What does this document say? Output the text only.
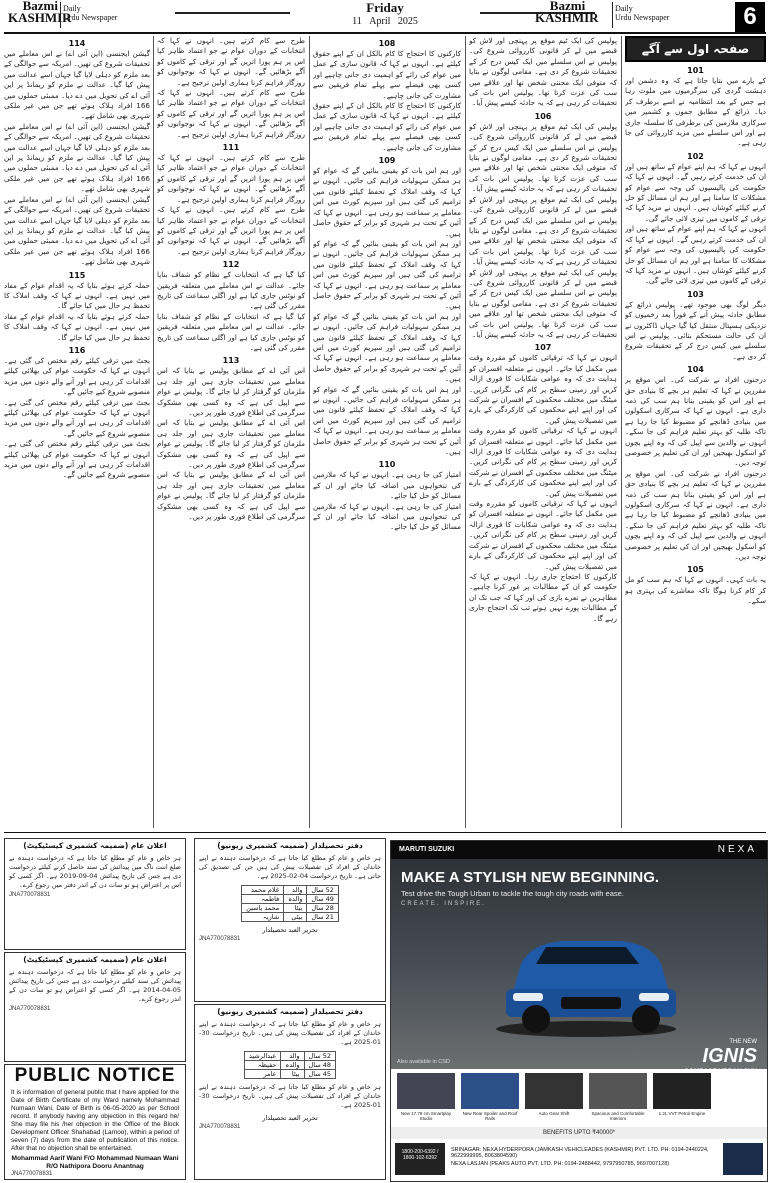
Bazmi
KASHMIR
Daily
Urdu Newspaper
Friday
11 April 2025
Bazmi
KASHMIR
Daily
Urdu Newspaper	6
114
گیشن ایجنسی (این آئی اے) نے اس معاملے میں تحقیقات شروع کی تھیں۔ امریکہ سے حوالگی کے بعد ملزم کو دہلی لایا گیا جہاں اسے عدالت میں پیش کیا گیا۔ عدالت نے ملزم کو ریمانڈ پر این آئی اے کی تحویل میں دے دیا۔ ممبئی حملوں میں 166 افراد ہلاک ہوئے تھے جن میں غیر ملکی شہری بھی شامل تھے۔
گیشن ایجنسی (این آئی اے) نے اس معاملے میں تحقیقات شروع کی تھیں۔ امریکہ سے حوالگی کے بعد ملزم کو دہلی لایا گیا جہاں اسے عدالت میں پیش کیا گیا۔ عدالت نے ملزم کو ریمانڈ پر این آئی اے کی تحویل میں دے دیا۔ ممبئی حملوں میں 166 افراد ہلاک ہوئے تھے جن میں غیر ملکی شہری بھی شامل تھے۔
گیشن ایجنسی (این آئی اے) نے اس معاملے میں تحقیقات شروع کی تھیں۔ امریکہ سے حوالگی کے بعد ملزم کو دہلی لایا گیا جہاں اسے عدالت میں پیش کیا گیا۔ عدالت نے ملزم کو ریمانڈ پر این آئی اے کی تحویل میں دے دیا۔ ممبئی حملوں میں 166 افراد ہلاک ہوئے تھے جن میں غیر ملکی شہری بھی شامل تھے۔
115
حملہ کرتے ہوئے بتایا کہ یہ اقدام عوام کے مفاد میں نہیں ہے۔ انہوں نے کہا کہ وقف املاک کا تحفظ ہر حال میں کیا جائے گا۔
حملہ کرتے ہوئے بتایا کہ یہ اقدام عوام کے مفاد میں نہیں ہے۔ انہوں نے کہا کہ وقف املاک کا تحفظ ہر حال میں کیا جائے گا۔
116
بجٹ میں ترقی کیلئے رقم مختص کی گئی ہے۔ انہوں نے کہا کہ حکومت عوام کی بھلائی کیلئے اقدامات کر رہی ہے اور آنے والے دنوں میں مزید منصوبے شروع کیے جائیں گے۔
بجٹ میں ترقی کیلئے رقم مختص کی گئی ہے۔ انہوں نے کہا کہ حکومت عوام کی بھلائی کیلئے اقدامات کر رہی ہے اور آنے والے دنوں میں مزید منصوبے شروع کیے جائیں گے۔
بجٹ میں ترقی کیلئے رقم مختص کی گئی ہے۔ انہوں نے کہا کہ حکومت عوام کی بھلائی کیلئے اقدامات کر رہی ہے اور آنے والے دنوں میں مزید منصوبے شروع کیے جائیں گے۔
طرح سے کام کرتے ہیں۔ انہوں نے کہا کہ انتخابات کے دوران عوام نے جو اعتماد ظاہر کیا اس پر ہم پورا اتریں گے اور ترقی کے کاموں کو آگے بڑھائیں گے۔ انہوں نے کہا کہ نوجوانوں کو روزگار فراہم کرنا ہماری اولین ترجیح ہے۔
طرح سے کام کرتے ہیں۔ انہوں نے کہا کہ انتخابات کے دوران عوام نے جو اعتماد ظاہر کیا اس پر ہم پورا اتریں گے اور ترقی کے کاموں کو آگے بڑھائیں گے۔ انہوں نے کہا کہ نوجوانوں کو روزگار فراہم کرنا ہماری اولین ترجیح ہے۔
111
طرح سے کام کرتے ہیں۔ انہوں نے کہا کہ انتخابات کے دوران عوام نے جو اعتماد ظاہر کیا اس پر ہم پورا اتریں گے اور ترقی کے کاموں کو آگے بڑھائیں گے۔ انہوں نے کہا کہ نوجوانوں کو روزگار فراہم کرنا ہماری اولین ترجیح ہے۔
طرح سے کام کرتے ہیں۔ انہوں نے کہا کہ انتخابات کے دوران عوام نے جو اعتماد ظاہر کیا اس پر ہم پورا اتریں گے اور ترقی کے کاموں کو آگے بڑھائیں گے۔ انہوں نے کہا کہ نوجوانوں کو روزگار فراہم کرنا ہماری اولین ترجیح ہے۔
112
کیا گیا ہے کہ انتخابات کے نظام کو شفاف بنایا جائے۔ عدالت نے اس معاملے میں متعلقہ فریقین کو نوٹس جاری کیا ہے اور اگلی سماعت کی تاریخ مقرر کی گئی ہے۔
کیا گیا ہے کہ انتخابات کے نظام کو شفاف بنایا جائے۔ عدالت نے اس معاملے میں متعلقہ فریقین کو نوٹس جاری کیا ہے اور اگلی سماعت کی تاریخ مقرر کی گئی ہے۔
113
اس آئی اے کے مطابق پولیس نے بتایا کہ اس معاملے میں تحقیقات جاری ہیں اور جلد ہی ملزمان کو گرفتار کر لیا جائے گا۔ پولیس نے عوام سے اپیل کی ہے کہ وہ کسی بھی مشکوک سرگرمی کی اطلاع فوری طور پر دیں۔
اس آئی اے کے مطابق پولیس نے بتایا کہ اس معاملے میں تحقیقات جاری ہیں اور جلد ہی ملزمان کو گرفتار کر لیا جائے گا۔ پولیس نے عوام سے اپیل کی ہے کہ وہ کسی بھی مشکوک سرگرمی کی اطلاع فوری طور پر دیں۔
اس آئی اے کے مطابق پولیس نے بتایا کہ اس معاملے میں تحقیقات جاری ہیں اور جلد ہی ملزمان کو گرفتار کر لیا جائے گا۔ پولیس نے عوام سے اپیل کی ہے کہ وہ کسی بھی مشکوک سرگرمی کی اطلاع فوری طور پر دیں۔
108
کارکنوں کا احتجاج کا کام بالکل ان کے اپنے حقوق کیلئے ہے۔ انہوں نے کہا کہ قانون سازی کے عمل میں عوام کی رائے کو اہمیت دی جانی چاہیے اور کسی بھی فیصلے سے پہلے تمام فریقین سے مشاورت کی جانی چاہیے۔
کارکنوں کا احتجاج کا کام بالکل ان کے اپنے حقوق کیلئے ہے۔ انہوں نے کہا کہ قانون سازی کے عمل میں عوام کی رائے کو اہمیت دی جانی چاہیے اور کسی بھی فیصلے سے پہلے تمام فریقین سے مشاورت کی جانی چاہیے۔
109
اور ہم اس بات کو یقینی بنائیں گے کہ عوام کو ہر ممکن سہولیات فراہم کی جائیں۔ انہوں نے کہا کہ وقف املاک کے تحفظ کیلئے قانون میں ترامیم کی گئی ہیں اور سپریم کورٹ میں اس معاملے پر سماعت ہو رہی ہے۔ انہوں نے کہا کہ آئین کے تحت ہر شہری کو برابر کے حقوق حاصل ہیں۔
اور ہم اس بات کو یقینی بنائیں گے کہ عوام کو ہر ممکن سہولیات فراہم کی جائیں۔ انہوں نے کہا کہ وقف املاک کے تحفظ کیلئے قانون میں ترامیم کی گئی ہیں اور سپریم کورٹ میں اس معاملے پر سماعت ہو رہی ہے۔ انہوں نے کہا کہ آئین کے تحت ہر شہری کو برابر کے حقوق حاصل ہیں۔
اور ہم اس بات کو یقینی بنائیں گے کہ عوام کو ہر ممکن سہولیات فراہم کی جائیں۔ انہوں نے کہا کہ وقف املاک کے تحفظ کیلئے قانون میں ترامیم کی گئی ہیں اور سپریم کورٹ میں اس معاملے پر سماعت ہو رہی ہے۔ انہوں نے کہا کہ آئین کے تحت ہر شہری کو برابر کے حقوق حاصل ہیں۔
اور ہم اس بات کو یقینی بنائیں گے کہ عوام کو ہر ممکن سہولیات فراہم کی جائیں۔ انہوں نے کہا کہ وقف املاک کے تحفظ کیلئے قانون میں ترامیم کی گئی ہیں اور سپریم کورٹ میں اس معاملے پر سماعت ہو رہی ہے۔ انہوں نے کہا کہ آئین کے تحت ہر شہری کو برابر کے حقوق حاصل ہیں۔
110
امتیاز کی جا رہی ہے۔ انہوں نے کہا کہ ملازمین کی تنخواہوں میں اضافہ کیا جائے اور ان کے مسائل کو حل کیا جائے۔
امتیاز کی جا رہی ہے۔ انہوں نے کہا کہ ملازمین کی تنخواہوں میں اضافہ کیا جائے اور ان کے مسائل کو حل کیا جائے۔
پولیس کی ایک ٹیم موقع پر پہنچی اور لاش کو قبضے میں لے کر قانونی کارروائی شروع کی۔ پولیس نے اس سلسلے میں ایک کیس درج کر کے تحقیقات شروع کر دی ہے۔ مقامی لوگوں نے بتایا کہ متوفی ایک محنتی شخص تھا اور علاقے میں سب کی عزت کرتا تھا۔ پولیس اس بات کی تحقیقات کر رہی ہے کہ یہ حادثہ کیسے پیش آیا۔
106
پولیس کی ایک ٹیم موقع پر پہنچی اور لاش کو قبضے میں لے کر قانونی کارروائی شروع کی۔ پولیس نے اس سلسلے میں ایک کیس درج کر کے تحقیقات شروع کر دی ہے۔ مقامی لوگوں نے بتایا کہ متوفی ایک محنتی شخص تھا اور علاقے میں سب کی عزت کرتا تھا۔ پولیس اس بات کی تحقیقات کر رہی ہے کہ یہ حادثہ کیسے پیش آیا۔
پولیس کی ایک ٹیم موقع پر پہنچی اور لاش کو قبضے میں لے کر قانونی کارروائی شروع کی۔ پولیس نے اس سلسلے میں ایک کیس درج کر کے تحقیقات شروع کر دی ہے۔ مقامی لوگوں نے بتایا کہ متوفی ایک محنتی شخص تھا اور علاقے میں سب کی عزت کرتا تھا۔ پولیس اس بات کی تحقیقات کر رہی ہے کہ یہ حادثہ کیسے پیش آیا۔
پولیس کی ایک ٹیم موقع پر پہنچی اور لاش کو قبضے میں لے کر قانونی کارروائی شروع کی۔ پولیس نے اس سلسلے میں ایک کیس درج کر کے تحقیقات شروع کر دی ہے۔ مقامی لوگوں نے بتایا کہ متوفی ایک محنتی شخص تھا اور علاقے میں سب کی عزت کرتا تھا۔ پولیس اس بات کی تحقیقات کر رہی ہے کہ یہ حادثہ کیسے پیش آیا۔
107
انہوں نے کہا کہ ترقیاتی کاموں کو مقررہ وقت میں مکمل کیا جائے۔ انہوں نے متعلقہ افسران کو ہدایت دی کہ وہ عوامی شکایات کا فوری ازالہ کریں اور زمینی سطح پر کام کی نگرانی کریں۔ میٹنگ میں مختلف محکموں کے افسران نے شرکت کی اور اپنے اپنے محکموں کی کارکردگی کے بارے میں تفصیلات پیش کیں۔
انہوں نے کہا کہ ترقیاتی کاموں کو مقررہ وقت میں مکمل کیا جائے۔ انہوں نے متعلقہ افسران کو ہدایت دی کہ وہ عوامی شکایات کا فوری ازالہ کریں اور زمینی سطح پر کام کی نگرانی کریں۔ میٹنگ میں مختلف محکموں کے افسران نے شرکت کی اور اپنے اپنے محکموں کی کارکردگی کے بارے میں تفصیلات پیش کیں۔
انہوں نے کہا کہ ترقیاتی کاموں کو مقررہ وقت میں مکمل کیا جائے۔ انہوں نے متعلقہ افسران کو ہدایت دی کہ وہ عوامی شکایات کا فوری ازالہ کریں اور زمینی سطح پر کام کی نگرانی کریں۔ میٹنگ میں مختلف محکموں کے افسران نے شرکت کی اور اپنے اپنے محکموں کی کارکردگی کے بارے میں تفصیلات پیش کیں۔
کارکنوں کا احتجاج جاری رہا۔ انہوں نے کہا کہ حکومت کو ان کے مطالبات پر غور کرنا چاہیے۔ مظاہرین نے نعرے بازی کی اور کہا کہ جب تک ان کے مطالبات پورے نہیں ہوتے تب تک احتجاج جاری رہے گا۔
صفحہ اول سے آگے
101
کے بارے میں بتایا جاتا ہے کہ وہ دشمن اور دہشت گردی کی سرگرمیوں میں ملوث رہا ہے جس کے بعد انتظامیہ نے اسے برطرف کر دیا۔ ذرائع کے مطابق جموں و کشمیر میں سرکاری ملازمین کی برطرفی کا سلسلہ جاری ہے اور اس سلسلے میں مزید کارروائی کی جا رہی ہے۔
102
انہوں نے کہا کہ ہم اپنے عوام کے ساتھ ہیں اور ان کی خدمت کرتے رہیں گے۔ انہوں نے کہا کہ حکومت کی پالیسیوں کی وجہ سے عوام کو مشکلات کا سامنا ہے اور ہم ان مسائل کو حل کرنے کیلئے کوشاں ہیں۔ انہوں نے مزید کہا کہ ترقی کے کاموں میں تیزی لائی جائے گی۔
انہوں نے کہا کہ ہم اپنے عوام کے ساتھ ہیں اور ان کی خدمت کرتے رہیں گے۔ انہوں نے کہا کہ حکومت کی پالیسیوں کی وجہ سے عوام کو مشکلات کا سامنا ہے اور ہم ان مسائل کو حل کرنے کیلئے کوشاں ہیں۔ انہوں نے مزید کہا کہ ترقی کے کاموں میں تیزی لائی جائے گی۔
103
دیگر لوگ بھی موجود تھے۔ پولیس ذرائع کے مطابق حادثہ پیش آنے کے فوراً بعد زخمیوں کو نزدیکی ہسپتال منتقل کیا گیا جہاں ڈاکٹروں نے ان کی حالت مستحکم بتائی۔ پولیس نے اس سلسلے میں کیس درج کر کے تحقیقات شروع کر دی ہے۔
104
درجنوں افراد نے شرکت کی۔ اس موقع پر مقررین نے کہا کہ تعلیم ہر بچے کا بنیادی حق ہے اور اس کو یقینی بنانا ہم سب کی ذمہ داری ہے۔ انہوں نے کہا کہ سرکاری اسکولوں میں بنیادی ڈھانچے کو مضبوط کیا جا رہا ہے تاکہ طلبہ کو بہتر تعلیم فراہم کی جا سکے۔ انہوں نے والدین سے اپیل کی کہ وہ اپنے بچوں کو اسکول بھیجیں اور ان کی تعلیم پر خصوصی توجہ دیں۔
درجنوں افراد نے شرکت کی۔ اس موقع پر مقررین نے کہا کہ تعلیم ہر بچے کا بنیادی حق ہے اور اس کو یقینی بنانا ہم سب کی ذمہ داری ہے۔ انہوں نے کہا کہ سرکاری اسکولوں میں بنیادی ڈھانچے کو مضبوط کیا جا رہا ہے تاکہ طلبہ کو بہتر تعلیم فراہم کی جا سکے۔ انہوں نے والدین سے اپیل کی کہ وہ اپنے بچوں کو اسکول بھیجیں اور ان کی تعلیم پر خصوصی توجہ دیں۔
105
یہ بات کہی۔ انہوں نے کہا کہ ہم سب کو مل کر کام کرنا ہوگا تاکہ معاشرے کی بہتری ہو سکے۔
اعلان عام (ضمیمہ کشمیری کیسٹیکیٹ)
ہر خاص و عام کو مطلع کیا جاتا ہے کہ درخواست دہندہ نے ضلع اننت ناگ میں پیدائش کی سند حاصل کرنے کیلئے درخواست دی ہے جس کی تاریخ پیدائش 04-09-2019 ہے۔ اگر کسی کو اس پر اعتراض ہو تو سات دن کے اندر دفتر میں رجوع کرے۔
JNA770078831
اعلان عام (ضمیمہ کشمیری کیسٹیکیٹ)
ہر خاص و عام کو مطلع کیا جاتا ہے کہ درخواست دہندہ نے پیدائش کی سند کیلئے درخواست دی ہے جس کی تاریخ پیدائش 05-04-2014 ہے۔ اگر کسی کو اعتراض ہو تو سات دن کے اندر رجوع کرے۔
JNA770078831
PUBLIC NOTICE
It is information of general public that I have applied for the Date of Birth Certificate of my Ward namely Mohammad Numaan Wani, Date of Birth is 06-05-2020 as per School record. If anybody having any objection in this regard he/ She may file his /her objection in the Office of the Block Development Officer Shahabad (Larnoo), within a period of seven (7) days from the date of publication of this notice. After that no objection shall be entertained.
Mohammad Aarif Wani F/O Mohammad Numaan Wani
R/O Nathipora Dooru Anantnag
JNA770078831
دفتر تحصیلدار (ضمیمہ کشمیری ریونیو)
ہر خاص و عام کو مطلع کیا جاتا ہے کہ درخواست دہندہ نے اپنے خاندان کے افراد کی تفصیلات پیش کی ہیں جن کی تصدیق کی جانی ہے۔ تاریخ درخواست 04-02-2025 ہے۔
غلام محمد	والد	52 سال
فاطمہ	والدہ	49 سال
محمد یاسین	بیٹا	28 سال
شازیہ	بیٹی	21 سال
تحریر العبد تحصیلدار
JNA770078831
دفتر تحصیلدار (ضمیمہ کشمیری ریونیو)
ہر خاص و عام کو مطلع کیا جاتا ہے کہ درخواست دہندہ نے اپنے خاندان کے افراد کی تفصیلات پیش کی ہیں۔ تاریخ درخواست 30-01-2025 ہے۔
عبدالرشید	والد	52 سال
حفیظہ	والدہ	48 سال
عامر	بیٹا	45 سال
ہر خاص و عام کو مطلع کیا جاتا ہے کہ درخواست دہندہ نے اپنے خاندان کے افراد کی تفصیلات پیش کی ہیں۔ تاریخ درخواست 30-01-2025 ہے۔
تحریر العبد تحصیلدار
JNA770078831
MARUTI SUZUKI	NEXA
MAKE A STYLISH NEW BEGINNING.
Test drive the Tough Urban to tackle the tough city roads with ease.
CREATE. INSPIRE.
Also available in CSD
THE NEW
IGNIS
New 17.78 cm Smartplay Studio
New Rear Spoiler and Roof Rails
Auto Gear Shift	Spacious and Comfortable Interiors
1.2L VVT Petrol Engine
BENEFITS UPTO ₹40000*
1800-200-6392 / 1800-102-6392
SRINAGAR: NEXA HYDERPORA (JAMKASH VEHICLEADES (KASHMIR) PVT. LTD. PH: 0194-2440224, 9622999995, 8063804590)
NEXA LASJAN (PEAKS AUTO PVT. LTD. PH: 0194-2488442, 9797950785, 9697007128)
